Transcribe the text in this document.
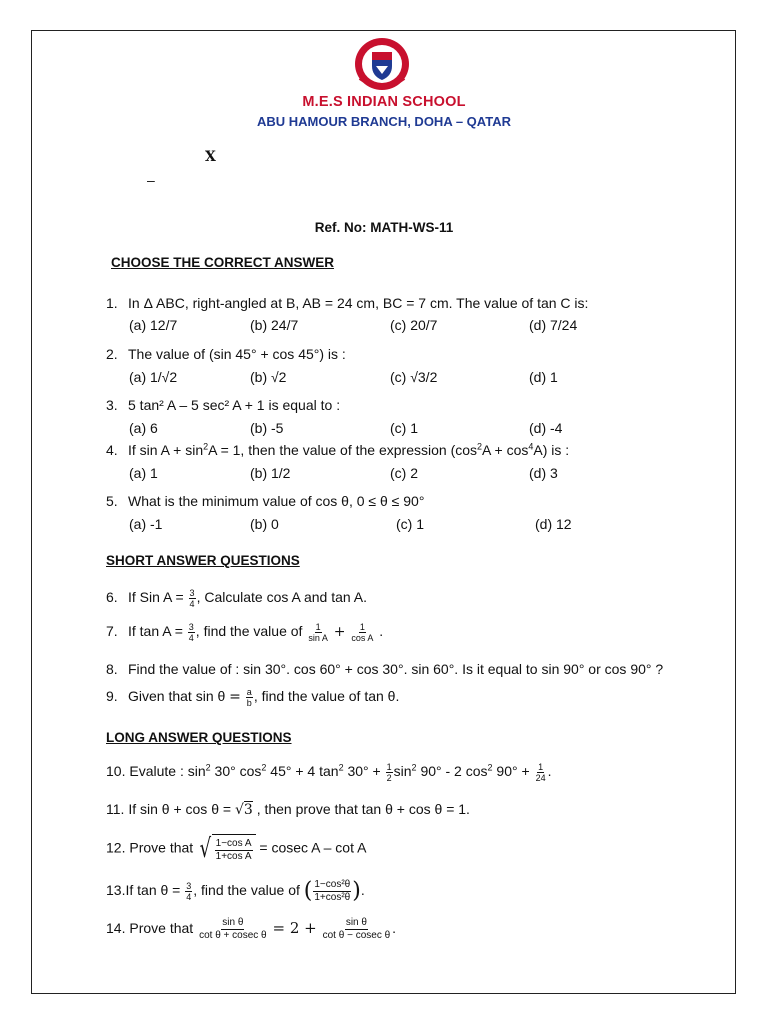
M.E.S INDIAN SCHOOL
ABU HAMOUR BRANCH, DOHA – QATAR
X
–
Ref. No: MATH-WS-11
CHOOSE THE CORRECT ANSWER
1. In Δ ABC, right-angled at B, AB = 24 cm, BC = 7 cm. The value of tan C is:
(a) 12/7	(b) 24/7	(c) 20/7	(d) 7/24
2. The value of (sin 45° + cos 45°) is :
(a) 1/√2	(b) √2	(c) √3/2	(d) 1
3. 5 tan² A – 5 sec² A + 1 is equal to :
(a) 6	(b) -5	(c) 1	(d) -4
4. If $\sin A + \sin^2A = 1$, then the value of the expression $(\cos^2A + \cos^4A)$ is :
(a) 1	(b) 1/2	(c) 2	(d) 3
5. What is the minimum value of cos θ, 0 ≤ θ ≤ 90°
(a) -1	(b) 0	(c) 1	(d) 12
SHORT ANSWER QUESTIONS
6. If Sin $A = \frac{3}{4}$ , Calculate cos A and tan A.
7. If $\tan A = \frac{3}{4}$ , find the value of $\frac{1}{\text{sin A}} + \frac{1}{\text{cos A}}$ .
8. Find the value of : sin 30°. cos 60° + cos 30°. sin 60°. Is it equal to sin 90° or cos 90° ?
9. Given that $\sin \theta = \frac{a}{b}$ , find the value of tan θ.
LONG ANSWER QUESTIONS
10. Evalute : $\sin^2 30^\circ$ $\cos^2 45^\circ + 4$ $\tan^2 30^\circ + \frac{1}{2} \sin^2 90^\circ - 2$ $\cos^2 90^\circ + \frac{1}{24}$ .
11. If sin θ + cos θ = √3 , then prove that tan θ + cos θ = 1.
12. Prove that √ $\frac{\text{1−cos A}}{\text{1+cos A}} = cosec$ A – cot A
13.If $\tan \theta = \frac{3}{4}$ , find the value of ( $\frac{\text{1−cos²θ}}{\text{1+cos²θ}}$ ).
14. Prove that $\frac{\text{sin θ}}{\text{cot θ + cosec θ}} = 2 + \frac{\text{sin θ}}{\text{cot θ − cosec θ}}$ .
